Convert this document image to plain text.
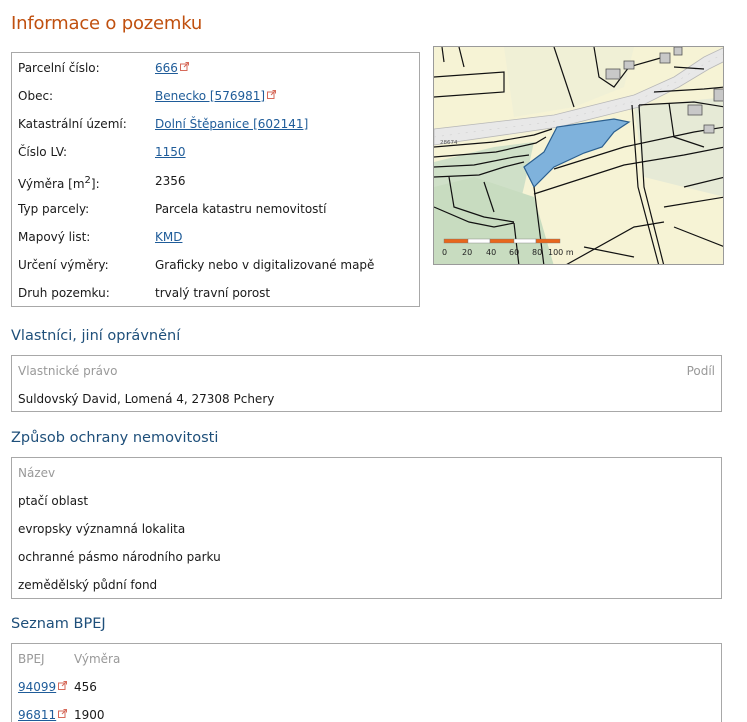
Informace o pozemku
Parcelní číslo:	666
Obec:	Benecko [576981]
Katastrální území:	Dolní Štěpanice [602141]
Číslo LV:	1150
Výměra $[m^2]$:	2356
Typ parcely:	Parcela katastru nemovitostí
Mapový list:	KMD
Určení výměry:	Graficky nebo v digitalizované mapě
Druh pozemku:	trvalý travní porost
28674
0 20 40 60 80 100 m
Vlastníci, jiní oprávnění
Vlastnické právo	Podíl
Suldovský David, Lomená 4, 27308 Pchery
Způsob ochrany nemovitosti
Název
ptačí oblast
evropsky významná lokalita
ochranné pásmo národního parku
zemědělský půdní fond
Seznam BPEJ
BPEJ Výměra
94099	456
96811	1900
